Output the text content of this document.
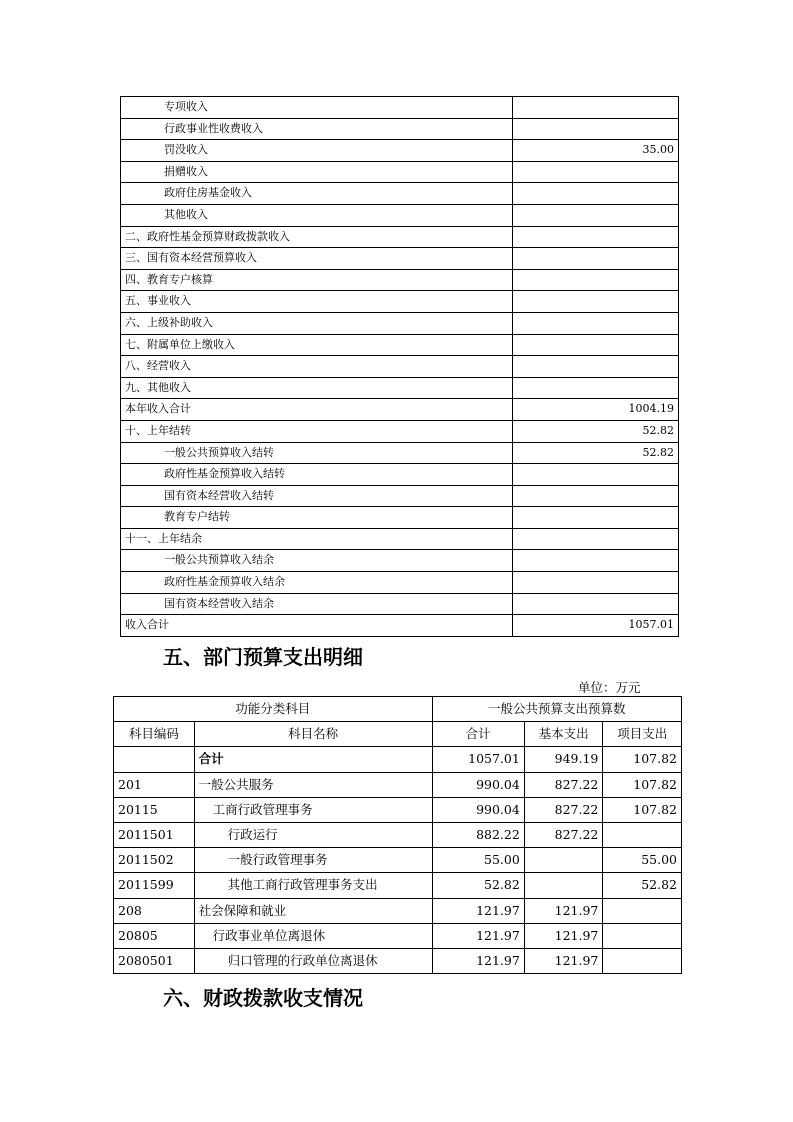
专项收入	
行政事业性收费收入	
罚没收入	35.00
捐赠收入	
政府住房基金收入	
其他收入	
二、政府性基金预算财政拨款收入	
三、国有资本经营预算收入	
四、教育专户核算	
五、事业收入	
六、上级补助收入	
七、附属单位上缴收入	
八、经营收入	
九、其他收入	
本年收入合计	1004.19
十、上年结转	52.82
一般公共预算收入结转	52.82
政府性基金预算收入结转	
国有资本经营收入结转	
教育专户结转	
十一、上年结余	
一般公共预算收入结余	
政府性基金预算收入结余	
国有资本经营收入结余	
收入合计	1057.01
五、部门预算支出明细
单位：万元
功能分类科目		一般公共预算支出预算数		
科目编码	科目名称	合计	基本支出	项目支出
	合计	1057.01	949.19	107.82
201	一般公共服务	990.04	827.22	107.82
20115	工商行政管理事务	990.04	827.22	107.82
2011501	行政运行	882.22	827.22	
2011502	一般行政管理事务	55.00		55.00
2011599	其他工商行政管理事务支出	52.82		52.82
208	社会保障和就业	121.97	121.97	
20805	行政事业单位离退休	121.97	121.97	
2080501	归口管理的行政单位离退休	121.97	121.97	
六、财政拨款收支情况
